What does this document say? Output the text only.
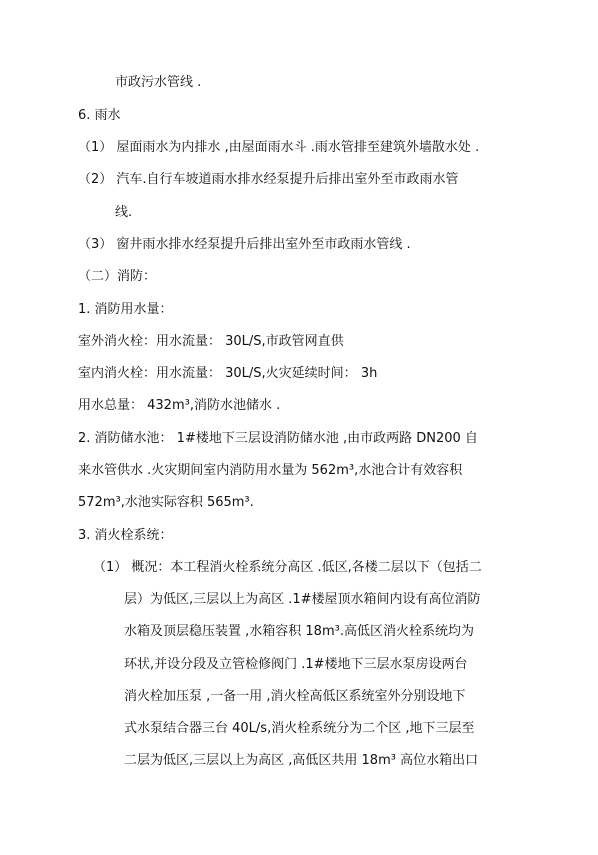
市政污水管线 .
6. 雨水
（1） 屋面雨水为内排水 ,由屋面雨水斗 .雨水管排至建筑外墙散水处 .
（2） 汽车.自行车坡道雨水排水经泵提升后排出室外至市政雨水管
线.
（3） 窗井雨水排水经泵提升后排出室外至市政雨水管线 .
（二）消防：
1. 消防用水量：
室外消火栓：用水流量： 30L/S,市政管网直供
室内消火栓：用水流量： 30L/S,火灾延续时间： 3h
用水总量： 432m³,消防水池储水 .
2. 消防储水池： 1#楼地下三层设消防储水池 ,由市政两路 DN200 自
来水管供水 .火灾期间室内消防用水量为 562m³,水池合计有效容积
572m³,水池实际容积 565m³.
3. 消火栓系统：
（1） 概况：本工程消火栓系统分高区 .低区,各楼二层以下（包括二
层）为低区,三层以上为高区 .1#楼屋顶水箱间内设有高位消防
水箱及顶层稳压装置 ,水箱容积 18m³.高低区消火栓系统均为
环状,并设分段及立管检修阀门 .1#楼地下三层水泵房设两台
消火栓加压泵 ,一备一用 ,消火栓高低区系统室外分别设地下
式水泵结合器三台 40L/s,消火栓系统分为二个区 ,地下三层至
二层为低区,三层以上为高区 ,高低区共用 18m³ 高位水箱出口
